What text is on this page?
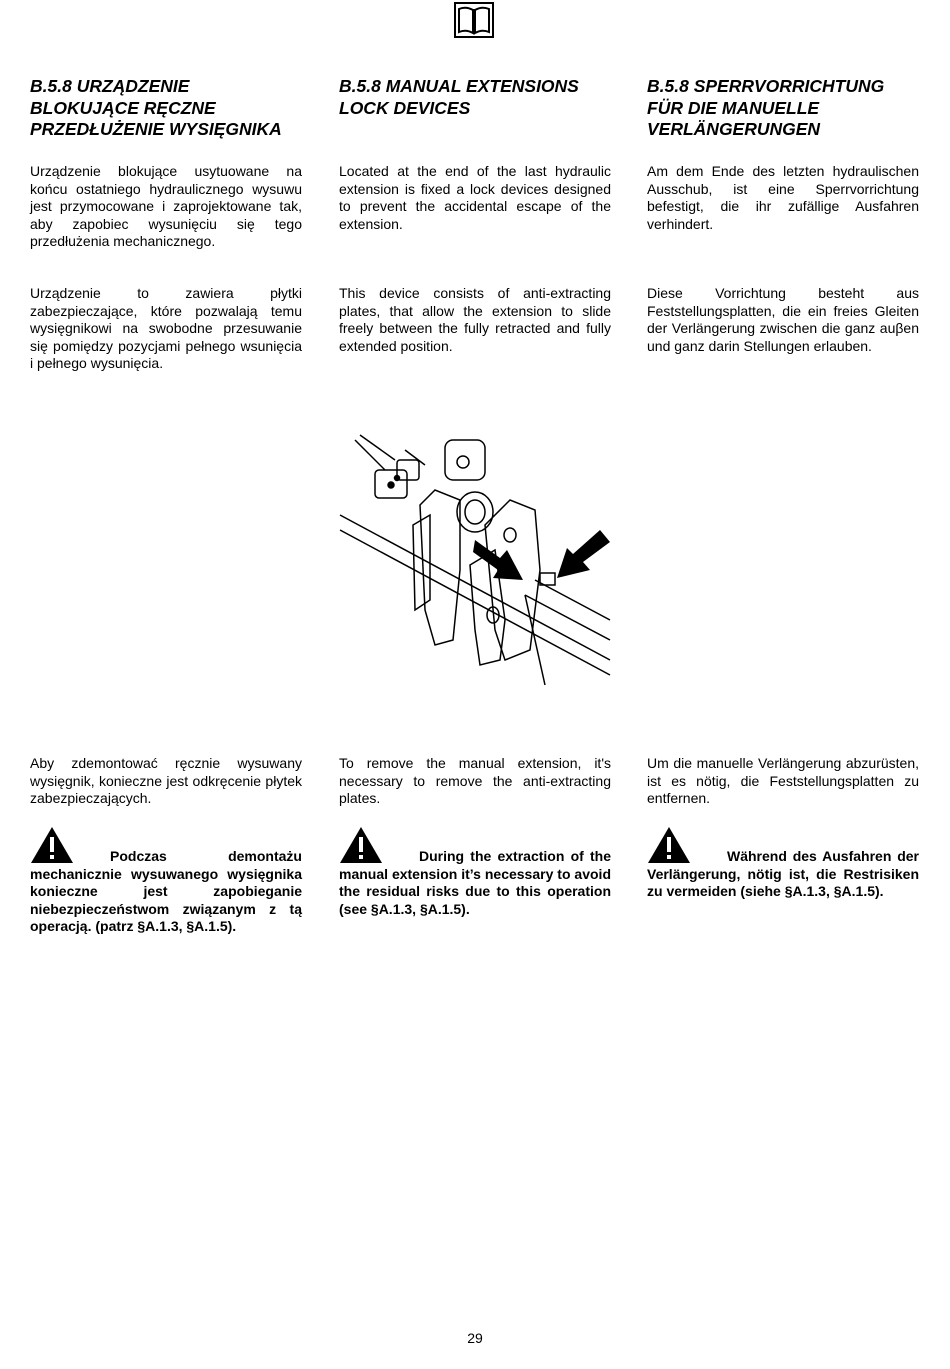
B.5.8 URZĄDZENIE BLOKUJĄCE RĘCZNE PRZEDŁUŻENIE WYSIĘGNIKA

Urządzenie blokujące usytuowane na końcu ostatniego hydraulicznego wysuwu jest przymocowane i zaprojektowane tak, aby zapobiec wysunięciu się tego przedłużenia mechanicznego.

Urządzenie to zawiera płytki zabezpieczające, które pozwalają temu wysięgnikowi na swobodne przesuwanie się pomiędzy pozycjami pełnego wsunięcia i pełnego wysunięcia.

Aby zdemontować ręcznie wysuwany wysięgnik, konieczne jest odkręcenie płytek zabezpieczających.

Podczas demontażu mechanicznie wysuwanego wysięgnika konieczne jest zapobieganie niebezpieczeństwom związanym z tą operacją. (patrz §A.1.3, §A.1.5).

B.5.8 MANUAL EXTENSIONS LOCK DEVICES

Located at the end of the last hydraulic extension is fixed a lock devices designed to prevent the accidental escape of the extension.

This device consists of anti-extracting plates, that allow the extension to slide freely between the fully retracted and fully extended position.

To remove the manual extension, it's necessary to remove the anti-extracting plates.

During the extraction of the manual extension it’s necessary to avoid the residual risks due to this operation (see §A.1.3, §A.1.5).

B.5.8 SPERRVORRICHTUNG FÜR DIE MANUELLE VERLÄNGERUNGEN

Am dem Ende des letzten hydraulischen Ausschub, ist eine Sperrvorrichtung befestigt, die ihr zufällige Ausfahren verhindert.

Diese Vorrichtung besteht aus Feststellungsplatten, die ein freies Gleiten der Verlängerung zwischen die ganz auβen und ganz darin Stellungen erlauben.

Um die manuelle Verlängerung abzurüsten, ist es nötig, die Feststellungsplatten zu entfernen.

Während des Ausfahren der Verlängerung, nötig ist, die Restrisiken zu vermeiden (siehe §A.1.3, §A.1.5).

29
